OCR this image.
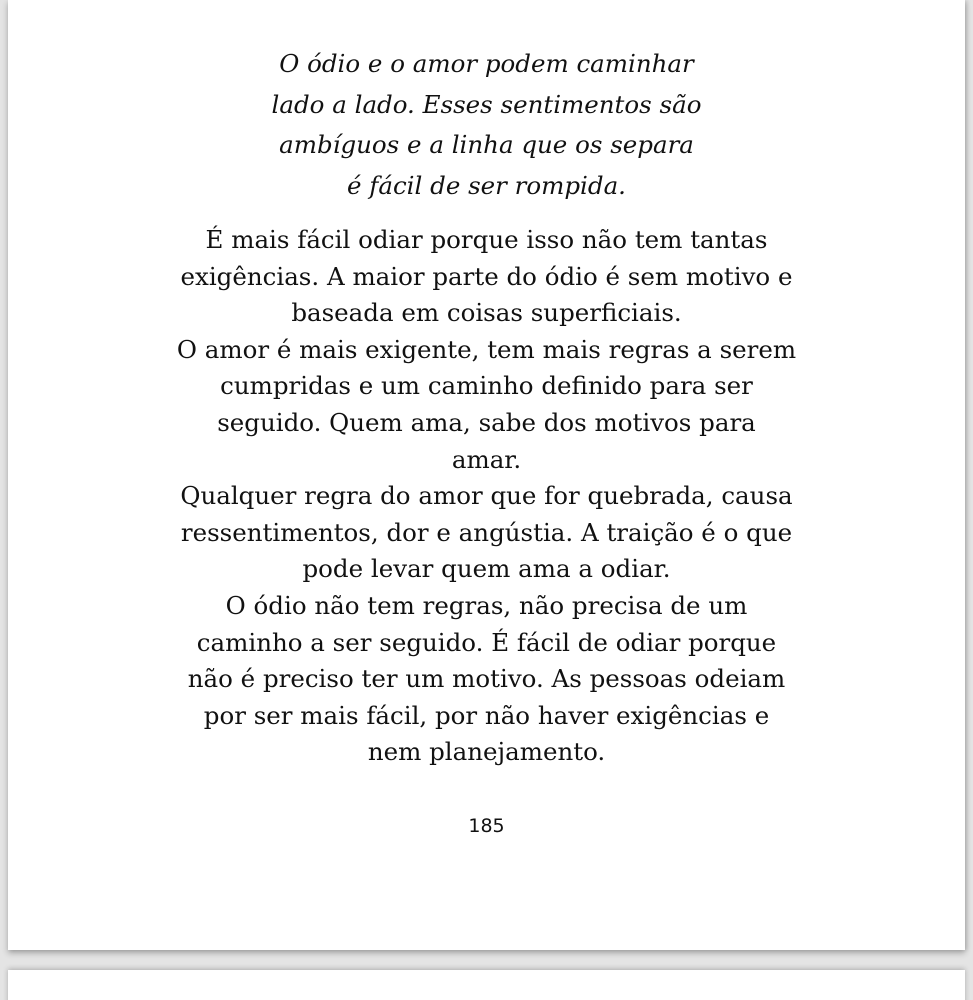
O ódio e o amor podem caminhar
lado a lado. Esses sentimentos são
ambíguos e a linha que os separa
é fácil de ser rompida.
É mais fácil odiar porque isso não tem tantas
exigências. A maior parte do ódio é sem motivo e
baseada em coisas superficiais.
O amor é mais exigente, tem mais regras a serem
cumpridas e um caminho definido para ser
seguido. Quem ama, sabe dos motivos para
amar.
Qualquer regra do amor que for quebrada, causa
ressentimentos, dor e angústia. A traição é o que
pode levar quem ama a odiar.
O ódio não tem regras, não precisa de um
caminho a ser seguido. É fácil de odiar porque
não é preciso ter um motivo. As pessoas odeiam
por ser mais fácil, por não haver exigências e
nem planejamento.
185
